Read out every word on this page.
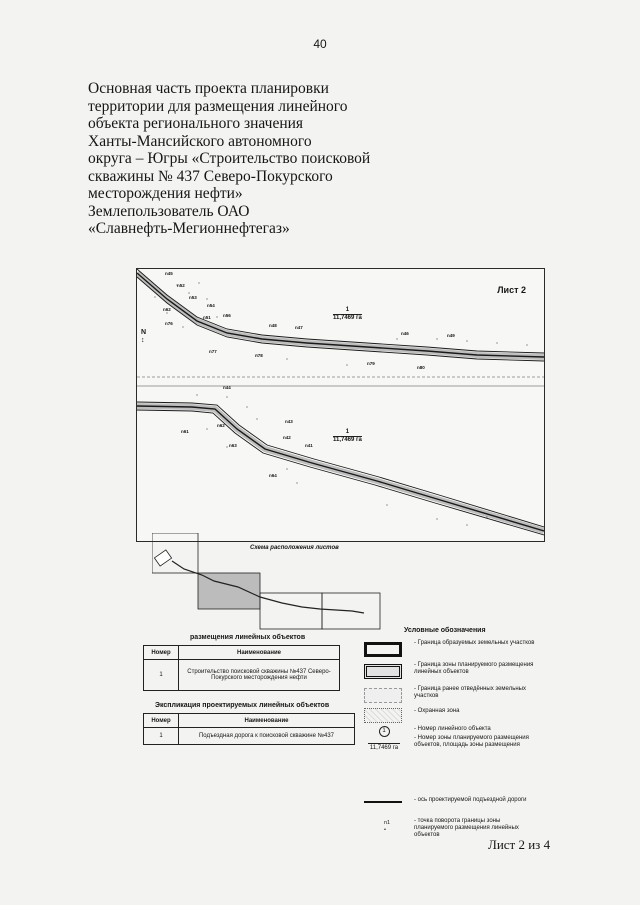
40
Основная часть проекта планировки
территории для размещения линейного
объекта регионального значения
Ханты-Мансийского автономного
округа – Югры «Строительство поисковой
скважины № 437 Северо-Покурского
месторождения нефти»
Землепользователь ОАО
«Славнефть-Мегионнефтегаз»
Лист 2
N
↕
1
11,7469 га
1
11,7469 га
n45
n52
n53
n54
n62
n56
n51
n76
n77
n48	n47
n78
n46
n79
n80
n49
n44
n43
n61
n62
n63
n42
n41
n64
Схема расположения листов
размещения линейных объектов
Номер	Наименование
1	Строительство поисковой скважины №437 Северо-Покурского месторождения нефти
Экспликация проектируемых линейных объектов
Номер	Наименование
1	Подъездная дорога к поисковой скважине №437
Условные обозначения
- Граница образуемых земельных участков
- Граница зоны планируемого размещения линейных объектов
- Граница ранее отведённых земельных участков
- Охранная зона
1
11,7469 га
- Номер линейного объекта
- Номер зоны планируемого размещения объектов, площадь зоны размещения
- ось проектируемой подъездной дороги
n1
•
- точка поворота границы зоны планируемого размещения линейных объектов
Лист 2 из 4
